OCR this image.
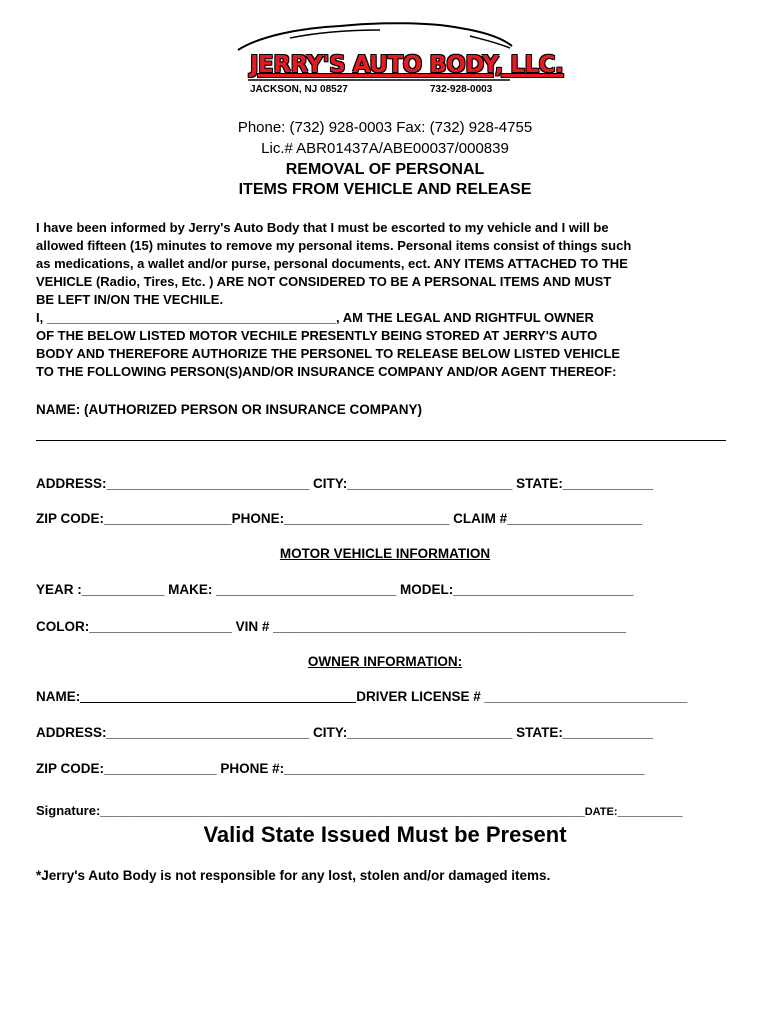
JERRY'S AUTO BODY, LLC.
JACKSON, NJ 08527	732-928-0003
Phone: (732) 928-0003 Fax: (732) 928-4755
Lic.# ABR01437A/ABE00037/000839
REMOVAL OF PERSONAL
ITEMS FROM VEHICLE AND RELEASE
I have been informed by Jerry's Auto Body that I must be escorted to my vehicle and I will be
allowed fifteen (15) minutes to remove my personal items. Personal items consist of things such
as medications, a wallet and/or purse, personal documents, ect. ANY ITEMS ATTACHED TO THE
VEHICLE (Radio, Tires, Etc. ) ARE NOT CONSIDERED TO BE A PERSONAL ITEMS AND MUST
BE LEFT IN/ON THE VECHILE.
I, ________________________________________, AM THE LEGAL AND RIGHTFUL OWNER
OF THE BELOW LISTED MOTOR VECHILE PRESENTLY BEING STORED AT JERRY'S AUTO
BODY AND THEREFORE AUTHORIZE THE PERSONEL TO RELEASE BELOW LISTED VEHICLE
TO THE FOLLOWING PERSON(S)AND/OR INSURANCE COMPANY AND/OR AGENT THEREOF:
NAME: (AUTHORIZED PERSON OR INSURANCE COMPANY)
ADDRESS:___________________________ CITY:______________________ STATE:____________
ZIP CODE:_________________PHONE:______________________ CLAIM #__________________
MOTOR VEHICLE INFORMATION
YEAR :___________ MAKE: ________________________ MODEL:________________________
COLOR:___________________ VIN # _______________________________________________
OWNER INFORMATION:
NAME:	DRIVER LICENSE # ___________________________
ADDRESS:___________________________ CITY:______________________ STATE:____________
ZIP CODE:_______________ PHONE #:________________________________________________
Signature:___________________________________________________________________DATE:_________
Valid State Issued Must be Present
*Jerry's Auto Body is not responsible for any lost, stolen and/or damaged items.
